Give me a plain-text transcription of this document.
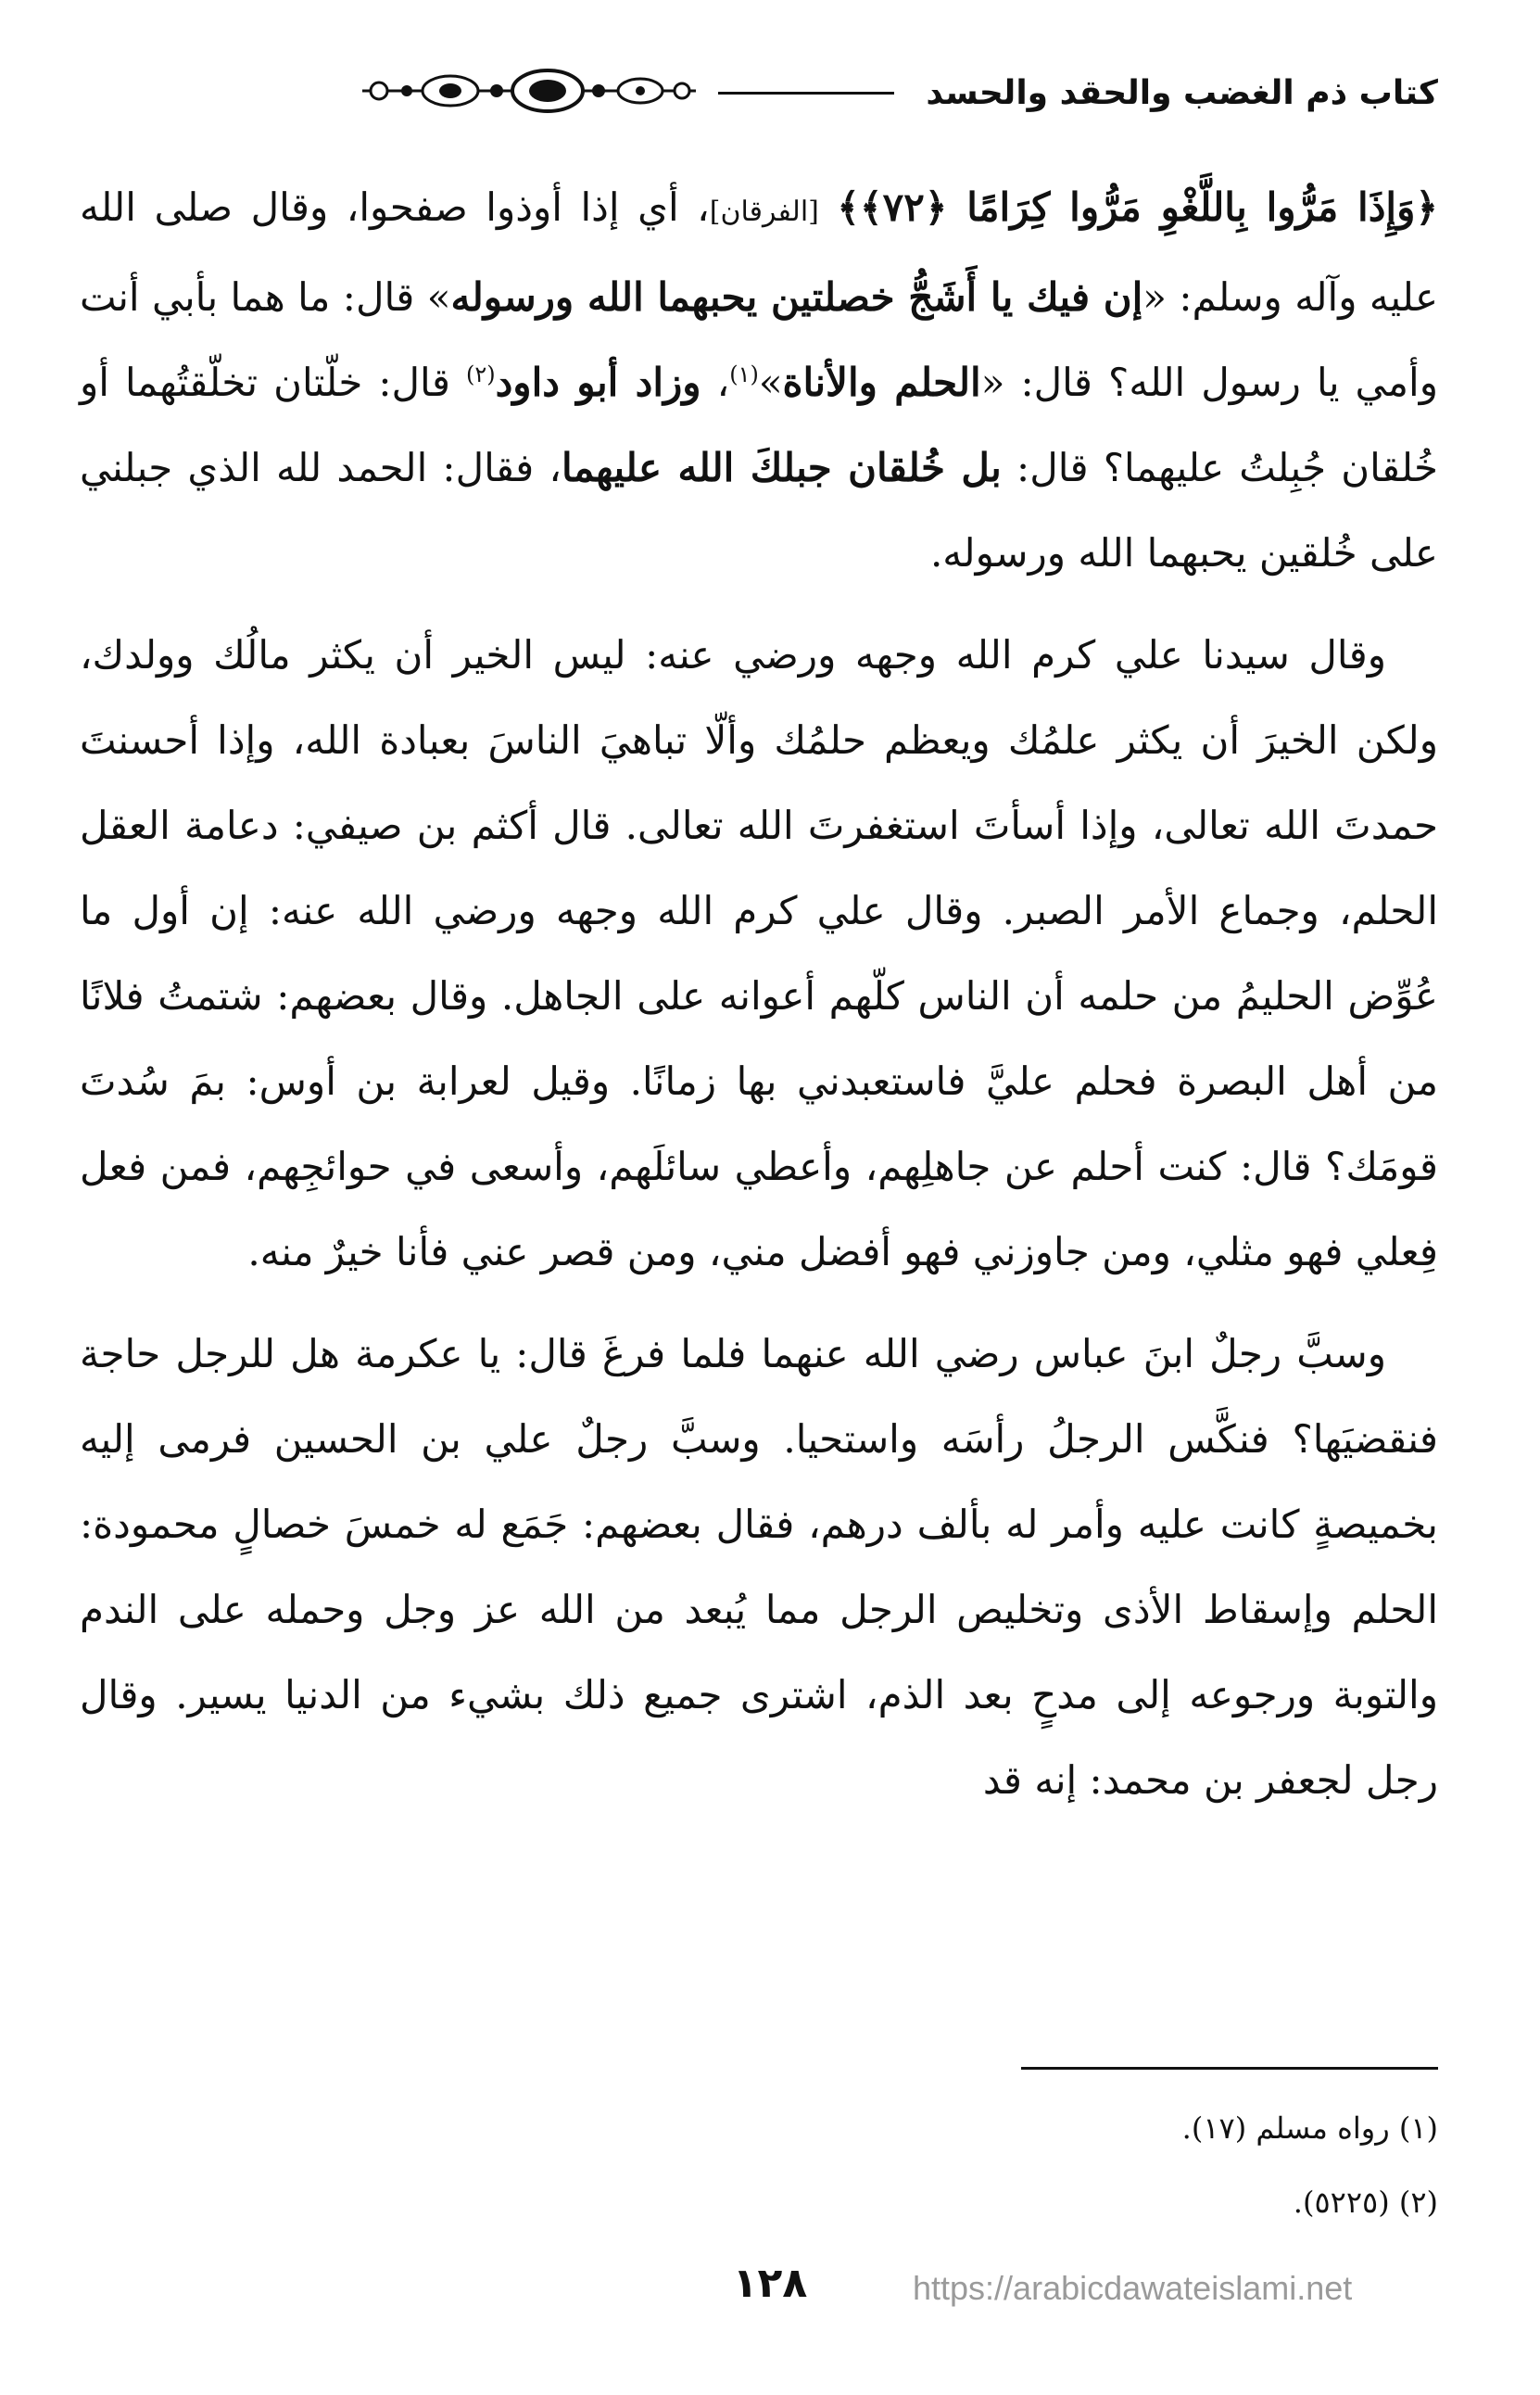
كتاب ذم الغضب والحقد والحسد

﴿وَإِذَا مَرُّوا بِاللَّغْوِ مَرُّوا كِرَامًا ﴿٧٢﴾﴾ [الفرقان]، أي إذا أوذوا صفحوا، وقال صلى الله عليه وآله وسلم: «إن فيك يا أَشَجُّ خصلتين يحبهما الله ورسوله» قال: ما هما بأبي أنت وأمي يا رسول الله؟ قال: «الحلم والأناة»$^{(١)}$، وزاد أبو داود$^{(٢)}$ قال: خلّتان تخلّقتُهما أو خُلقان جُبِلتُ عليهما؟ قال: بل خُلقان جبلكَ الله عليهما، فقال: الحمد لله الذي جبلني على خُلقين يحبهما الله ورسوله.

وقال سيدنا علي كرم الله وجهه ورضي عنه: ليس الخير أن يكثر مالُك وولدك، ولكن الخيرَ أن يكثر علمُك ويعظم حلمُك وألّا تباهيَ الناسَ بعبادة الله، وإذا أحسنتَ حمدتَ الله تعالى، وإذا أسأتَ استغفرتَ الله تعالى. قال أكثم بن صيفي: دعامة العقل الحلم، وجماع الأمر الصبر. وقال علي كرم الله وجهه ورضي الله عنه: إن أول ما عُوِّض الحليمُ من حلمه أن الناس كلّهم أعوانه على الجاهل. وقال بعضهم: شتمتُ فلانًا من أهل البصرة فحلم عليَّ فاستعبدني بها زمانًا. وقيل لعرابة بن أوس: بمَ سُدتَ قومَك؟ قال: كنت أحلم عن جاهلِهم، وأعطي سائلَهم، وأسعى في حوائجِهم، فمن فعل فِعلي فهو مثلي، ومن جاوزني فهو أفضل مني، ومن قصر عني فأنا خيرٌ منه.

وسبَّ رجلٌ ابنَ عباس رضي الله عنهما فلما فرغَ قال: يا عكرمة هل للرجل حاجة فنقضيَها؟ فنكَّس الرجلُ رأسَه واستحيا. وسبَّ رجلٌ علي بن الحسين فرمى إليه بخميصةٍ كانت عليه وأمر له بألف درهم، فقال بعضهم: جَمَع له خمسَ خصالٍ محمودة: الحلم وإسقاط الأذى وتخليص الرجل مما يُبعد من الله عز وجل وحمله على الندم والتوبة ورجوعه إلى مدحٍ بعد الذم، اشترى جميع ذلك بشيء من الدنيا يسير. وقال رجل لجعفر بن محمد: إنه قد

(١) رواه مسلم (١٧).
(٢) (٥٢٢٥).
١٢٨	https://arabicdawateislami.net
